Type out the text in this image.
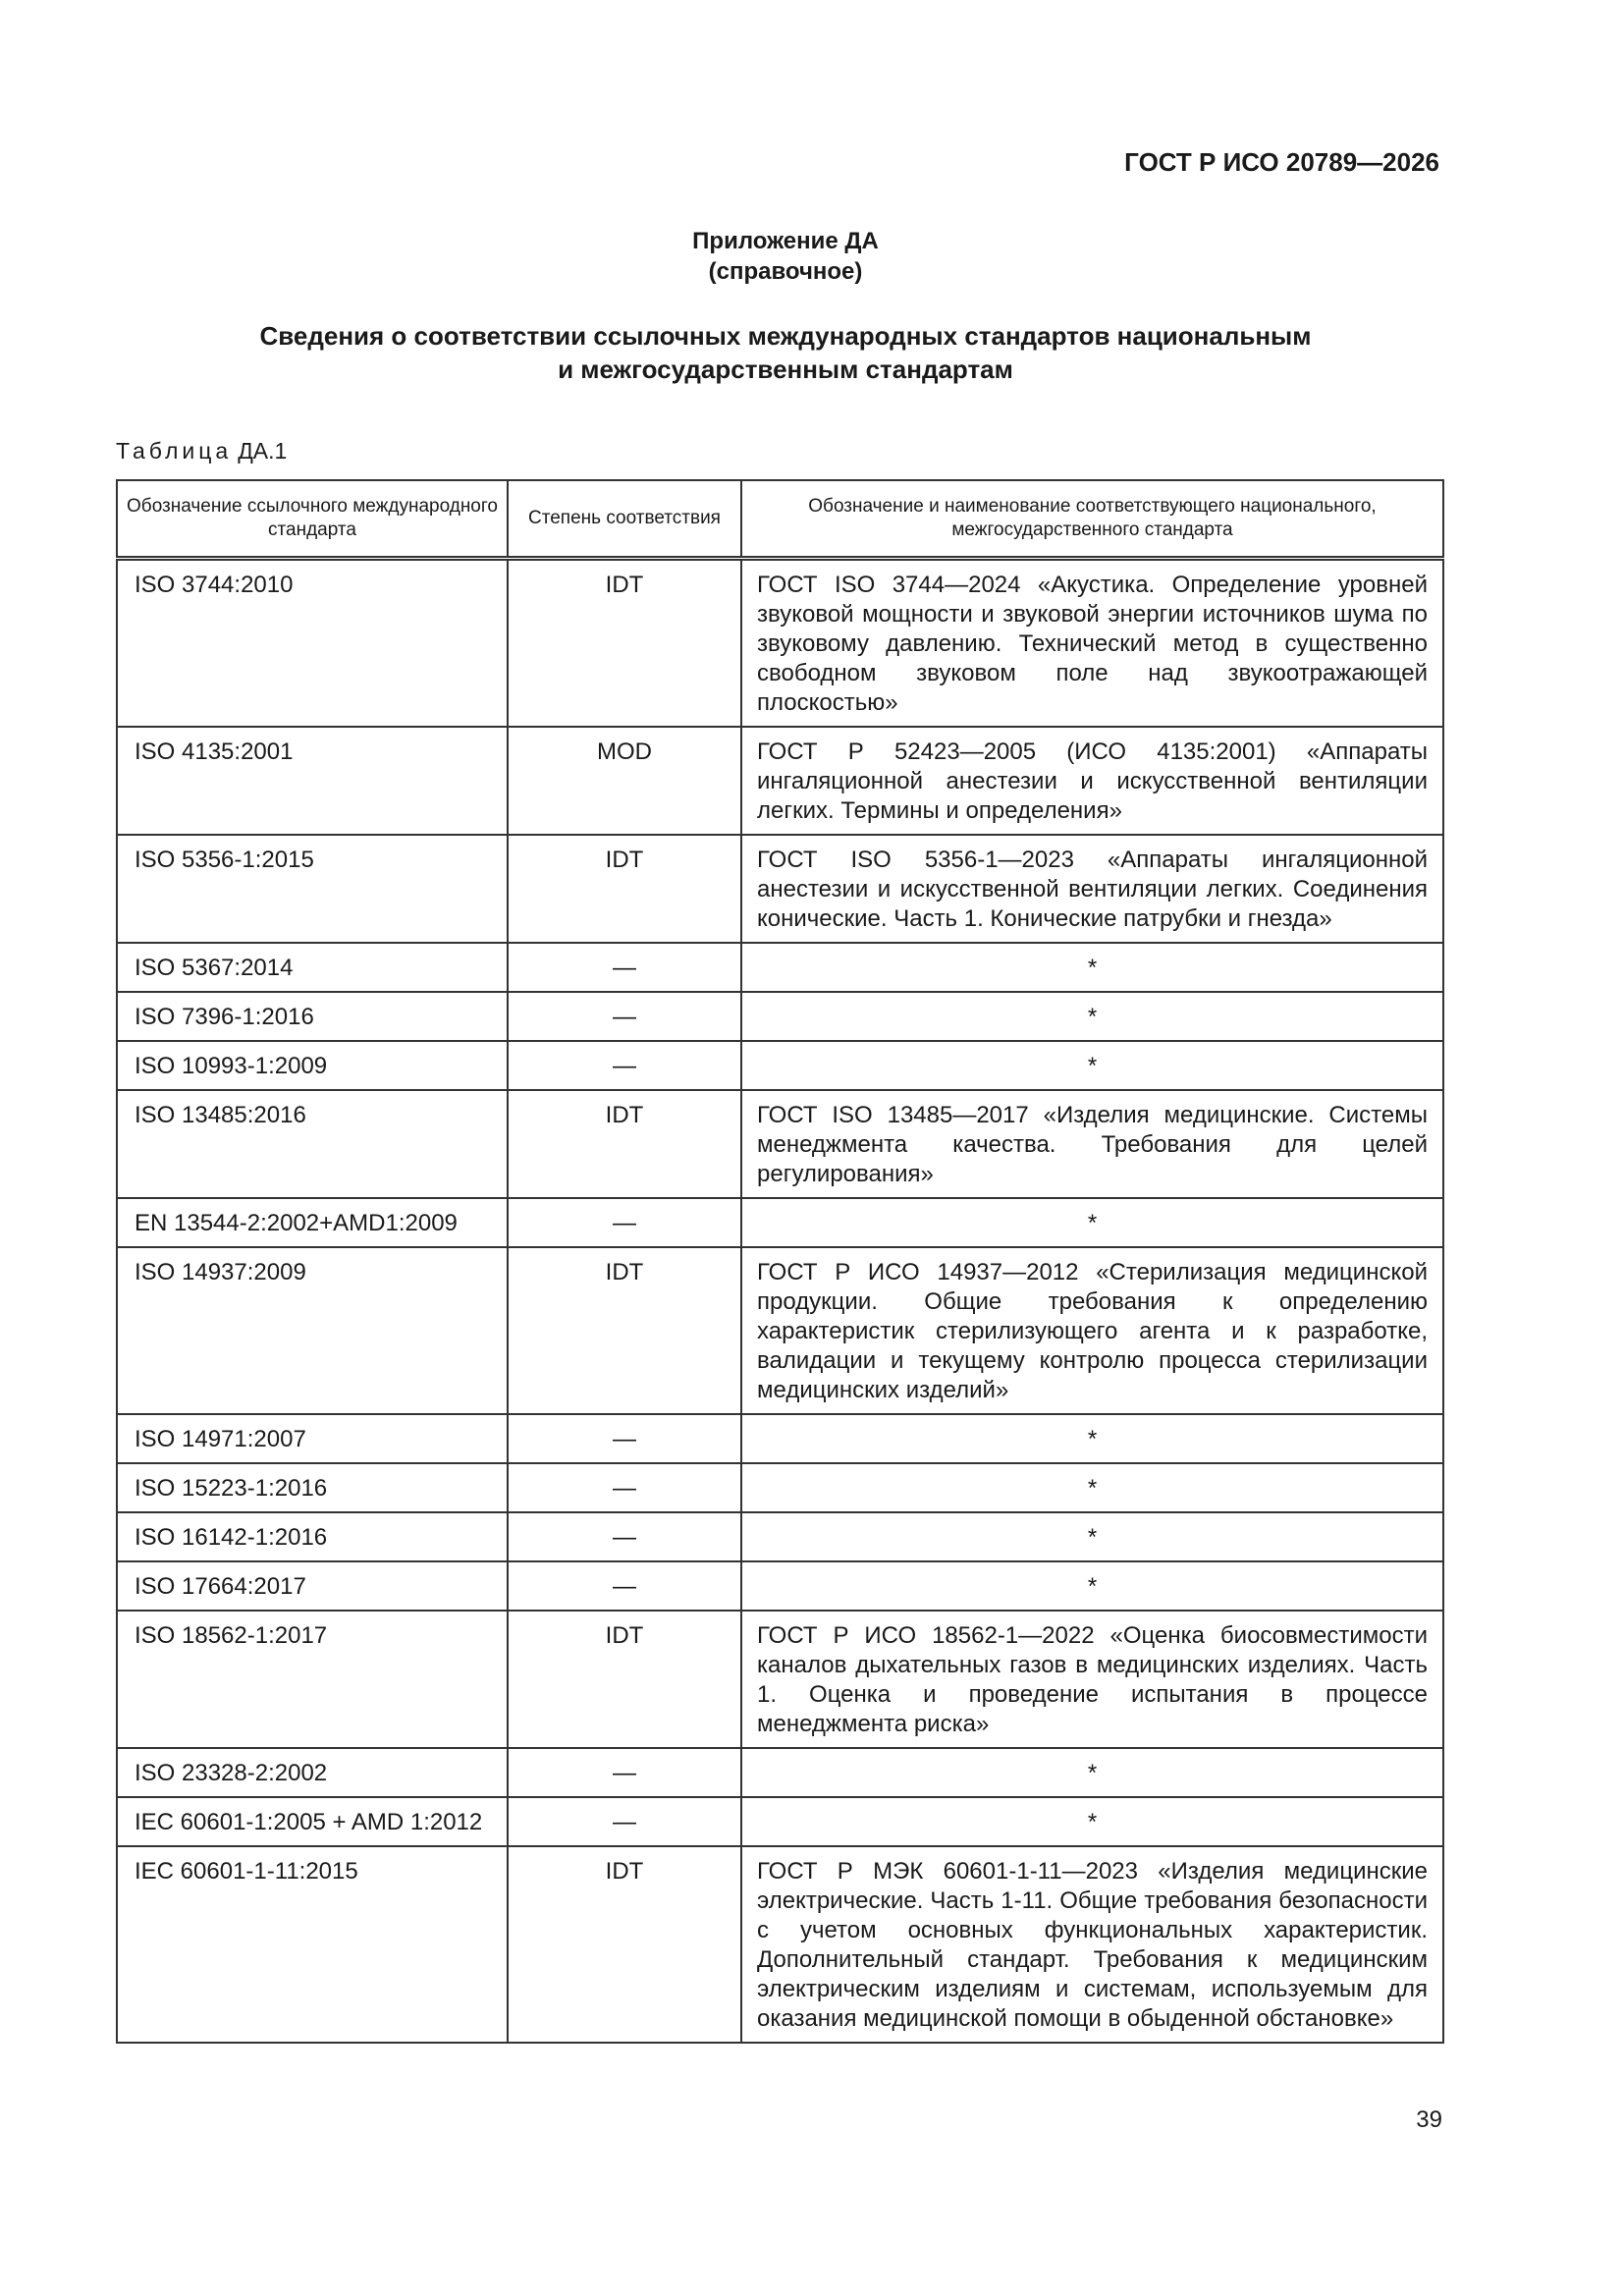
ГОСТ Р ИСО 20789—2026
Приложение ДА
(справочное)
Сведения о соответствии ссылочных международных стандартов национальным
и межгосударственным стандартам
Таблица ДА.1
Обозначение ссылочного международного стандарта	Степень соответствия	Обозначение и наименование соответствующего национального, межгосударственного стандарта
ISO 3744:2010	IDT	ГОСТ ISO 3744—2024 «Акустика. Определение уровней звуковой мощности и звуковой энергии источников шума по звуковому давлению. Технический метод в существенно свободном звуковом поле над звукоотражающей плоскостью»
ISO 4135:2001	MOD	ГОСТ Р 52423—2005 (ИСО 4135:2001) «Аппараты ингаляционной анестезии и искусственной вентиляции легких. Термины и определения»
ISO 5356-1:2015	IDT	ГОСТ ISO 5356-1—2023 «Аппараты ингаляционной анестезии и искусственной вентиляции легких. Соединения конические. Часть 1. Конические патрубки и гнезда»
ISO 5367:2014	—	*
ISO 7396-1:2016	—	*
ISO 10993-1:2009	—	*
ISO 13485:2016	IDT	ГОСТ ISO 13485—2017 «Изделия медицинские. Системы менеджмента качества. Требования для целей регулирования»
EN 13544-2:2002+AMD1:2009	—	*
ISO 14937:2009	IDT	ГОСТ Р ИСО 14937—2012 «Стерилизация медицинской продукции. Общие требования к определению характеристик стерилизующего агента и к разработке, валидации и текущему контролю процесса стерилизации медицинских изделий»
ISO 14971:2007	—	*
ISO 15223-1:2016	—	*
ISO 16142-1:2016	—	*
ISO 17664:2017	—	*
ISO 18562-1:2017	IDT	ГОСТ Р ИСО 18562-1—2022 «Оценка биосовместимости каналов дыхательных газов в медицинских изделиях. Часть 1. Оценка и проведение испытания в процессе менеджмента риска»
ISO 23328-2:2002	—	*
IEC 60601-1:2005 + AMD 1:2012	—	*
IEC 60601-1-11:2015	IDT	ГОСТ Р МЭК 60601-1-11—2023 «Изделия медицинские электрические. Часть 1-11. Общие требования безопасности с учетом основных функциональных характеристик. Дополнительный стандарт. Требования к медицинским электрическим изделиям и системам, используемым для оказания медицинской помощи в обыденной обстановке»
39
